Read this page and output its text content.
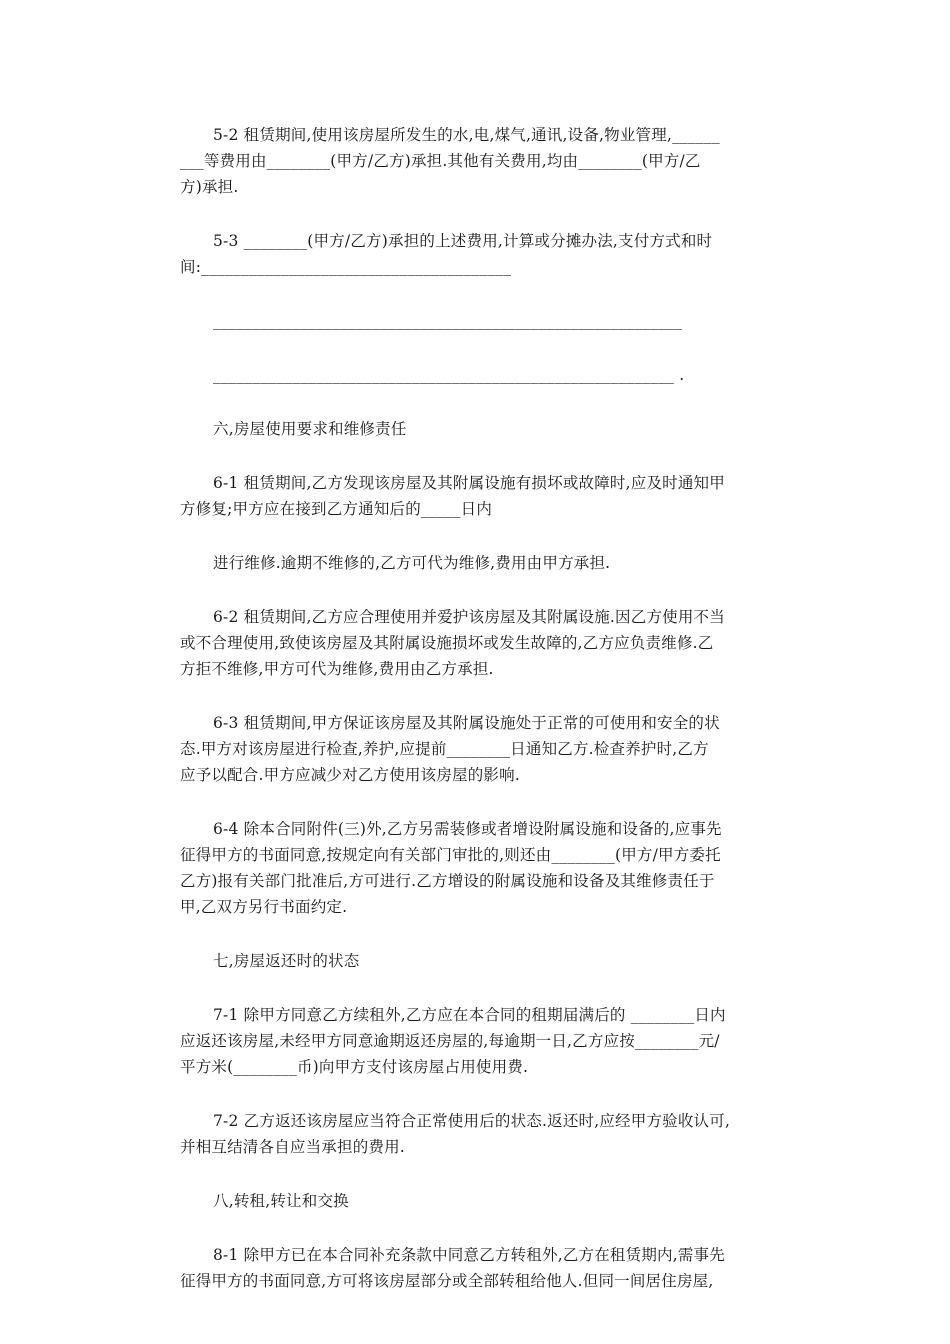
5-2 租赁期间,使用该房屋所发生的水,电,煤气,通讯,设备,物业管理,______
___等费用由________(甲方/乙方)承担.其他有关费用,均由________(甲方/乙
方)承担.
5-3 ________(甲方/乙方)承担的上述费用,计算或分摊办法,支付方式和时
间:_______________________________________
___________________________________________________________
__________________________________________________________ .
六,房屋使用要求和维修责任
6-1 租赁期间,乙方发现该房屋及其附属设施有损坏或故障时,应及时通知甲
方修复;甲方应在接到乙方通知后的_____日内
进行维修.逾期不维修的,乙方可代为维修,费用由甲方承担.
6-2 租赁期间,乙方应合理使用并爱护该房屋及其附属设施.因乙方使用不当
或不合理使用,致使该房屋及其附属设施损坏或发生故障的,乙方应负责维修.乙
方拒不维修,甲方可代为维修,费用由乙方承担.
6-3 租赁期间,甲方保证该房屋及其附属设施处于正常的可使用和安全的状
态.甲方对该房屋进行检查,养护,应提前________日通知乙方.检查养护时,乙方
应予以配合.甲方应减少对乙方使用该房屋的影响.
6-4 除本合同附件(三)外,乙方另需装修或者增设附属设施和设备的,应事先
征得甲方的书面同意,按规定向有关部门审批的,则还由________(甲方/甲方委托
乙方)报有关部门批准后,方可进行.乙方增设的附属设施和设备及其维修责任于
甲,乙双方另行书面约定.
七,房屋返还时的状态
7-1 除甲方同意乙方续租外,乙方应在本合同的租期届满后的 ________日内
应返还该房屋,未经甲方同意逾期返还房屋的,每逾期一日,乙方应按________元/
平方米(________币)向甲方支付该房屋占用使用费.
7-2 乙方返还该房屋应当符合正常使用后的状态.返还时,应经甲方验收认可,
并相互结清各自应当承担的费用.
八,转租,转让和交换
8-1 除甲方已在本合同补充条款中同意乙方转租外,乙方在租赁期内,需事先
征得甲方的书面同意,方可将该房屋部分或全部转租给他人.但同一间居住房屋,
